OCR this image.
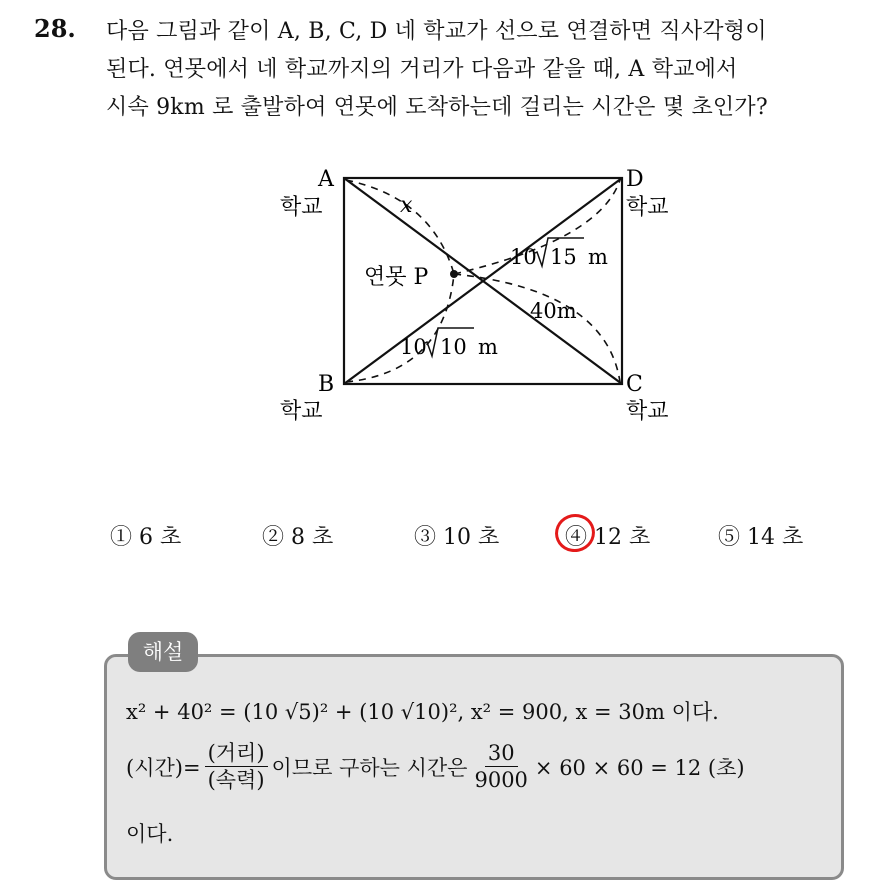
28. 다음 그림과 같이 A, B, C, D 네 학교가 선으로 연결하면 직사각형이
된다. 연못에서 네 학교까지의 거리가 다음과 같을 때, A 학교에서
시속 9km 로 출발하여 연못에 도착하는데 걸리는 시간은 몇 초인가?
A	D
B	C
학교	학교
학교	학교
연못 P
x
10 15 m
40m
10 10 m
① 6 초	② 8 초	③ 10 초	④ 12 초	⑤ 14 초
해설
x² + 40² = (10 √5)² + (10 √10)², x² = 900, x = 30m 이다.
(시간)= $\frac{\text{(거리)}}{\text{(속력)}}$ 이므로 구하는 시간은 $\frac{30}{9000} \times 60 \times 60 = 12$ (초)
이다.
